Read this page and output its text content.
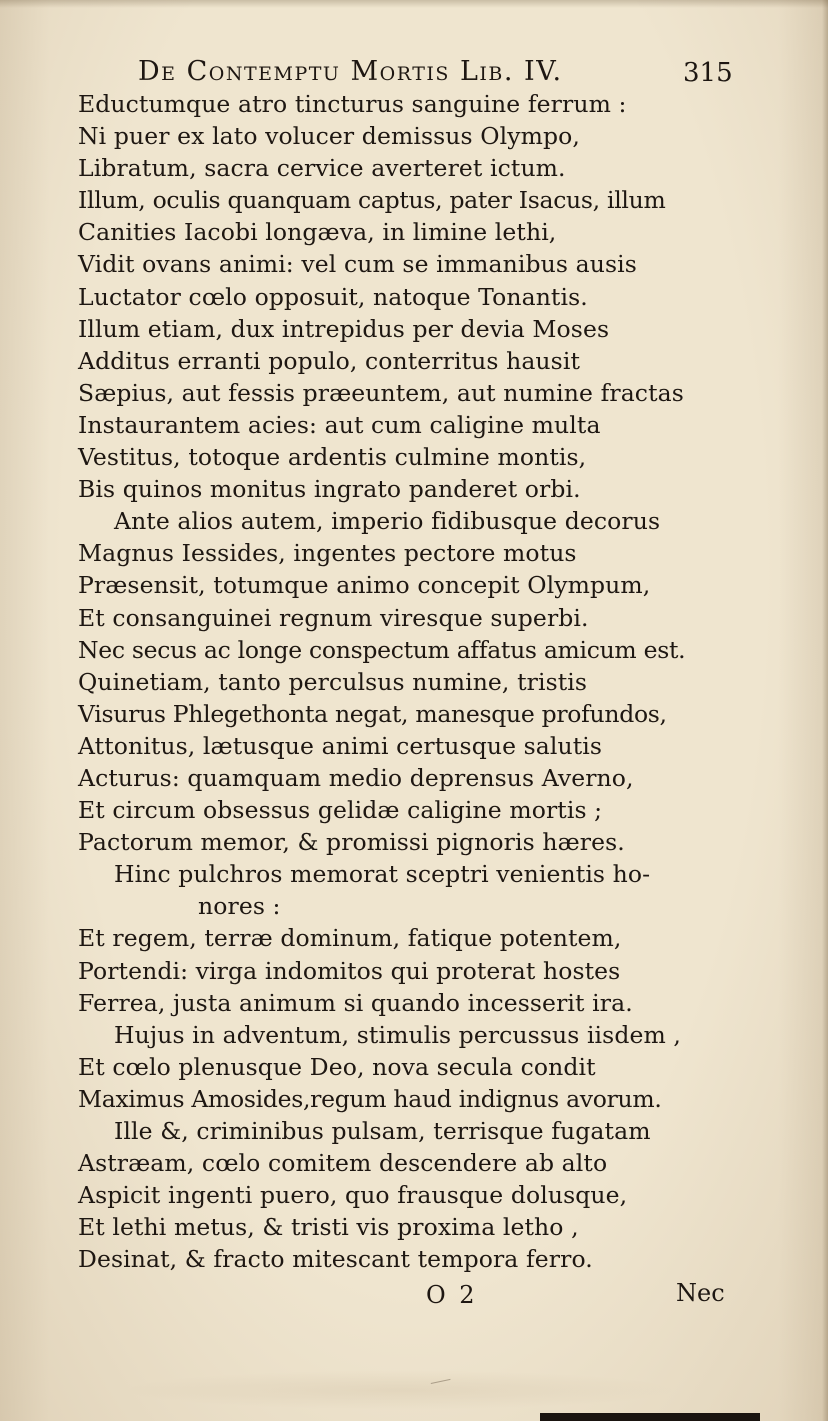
De Contemptu Mortis Lib. IV.	315
Eductumque atro tincturus sanguine ferrum :
Ni puer ex lato volucer demissus Olympo,
Libratum, sacra cervice averteret ictum.
Illum, oculis quanquam captus, pater Isacus, illum
Canities Iacobi longæva, in limine lethi,
Vidit ovans animi: vel cum se immanibus ausis
Luctator cœlo opposuit, natoque Tonantis.
Illum etiam, dux intrepidus per devia Moses
Additus erranti populo, conterritus hausit
Sæpius, aut fessis præeuntem, aut numine fractas
Instaurantem acies: aut cum caligine multa
Vestitus, totoque ardentis culmine montis,
Bis quinos monitus ingrato panderet orbi.
Ante alios autem, imperio fidibusque decorus
Magnus Iessides, ingentes pectore motus
Præsensit, totumque animo concepit Olympum,
Et consanguinei regnum viresque superbi.
Nec secus ac longe conspectum affatus amicum est.
Quinetiam, tanto perculsus numine, tristis
Visurus Phlegethonta negat, manesque profundos,
Attonitus, lætusque animi certusque salutis
Acturus: quamquam medio deprensus Averno,
Et circum obsessus gelidæ caligine mortis ;
Pactorum memor, & promissi pignoris hæres.
Hinc pulchros memorat sceptri venientis ho-
nores :
Et regem, terræ dominum, fatique potentem,
Portendi: virga indomitos qui proterat hostes
Ferrea, justa animum si quando incesserit ira.
Hujus in adventum, stimulis percussus iisdem ,
Et cœlo plenusque Deo, nova secula condit
Maximus Amosides,regum haud indignus avorum.
Ille &, criminibus pulsam, terrisque fugatam
Astræam, cœlo comitem descendere ab alto
Aspicit ingenti puero, quo frausque dolusque,
Et lethi metus, & tristi vis proxima letho ,
Desinat, & fracto mitescant tempora ferro.
O 2	Nec
